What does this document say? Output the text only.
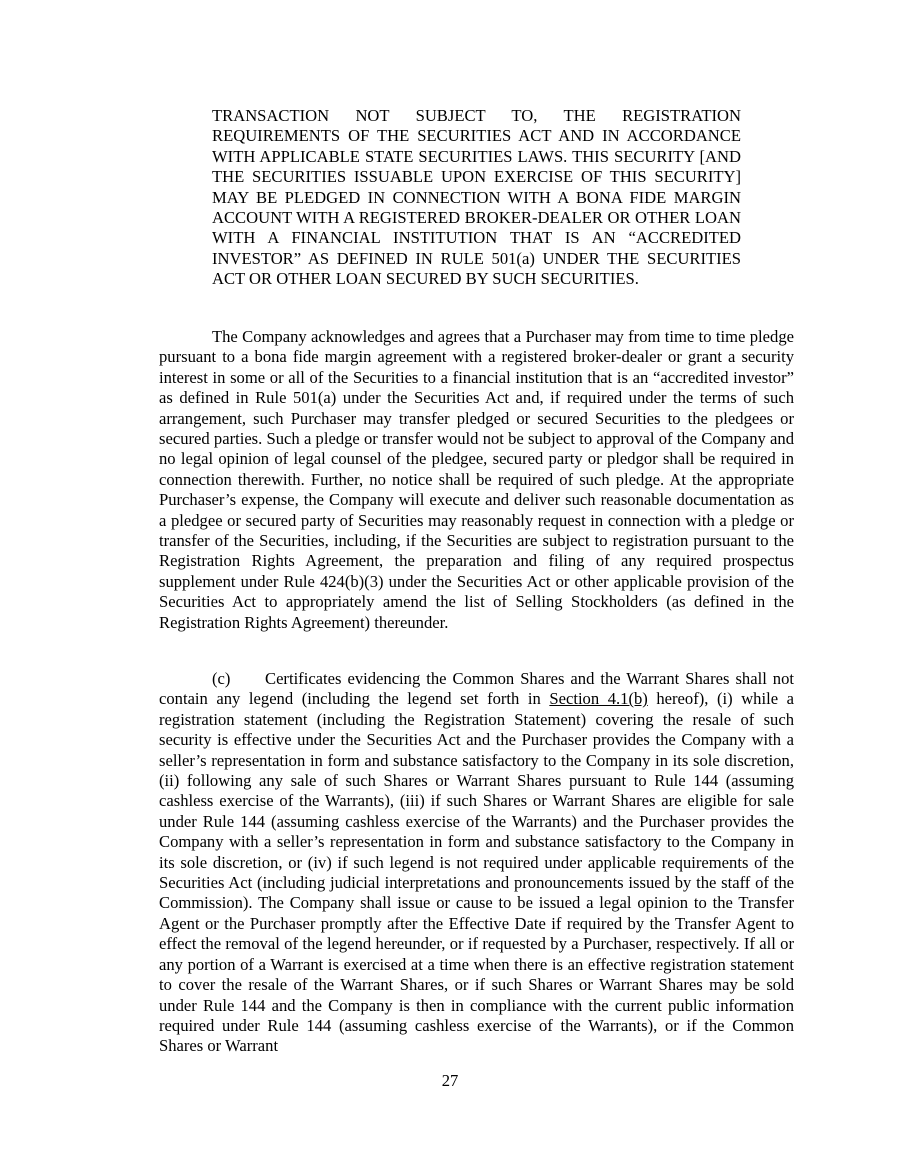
TRANSACTION NOT SUBJECT TO, THE REGISTRATION REQUIREMENTS OF THE SECURITIES ACT AND IN ACCORDANCE WITH APPLICABLE STATE SECURITIES LAWS. THIS SECURITY [AND THE SECURITIES ISSUABLE UPON EXERCISE OF THIS SECURITY] MAY BE PLEDGED IN CONNECTION WITH A BONA FIDE MARGIN ACCOUNT WITH A REGISTERED BROKER-DEALER OR OTHER LOAN WITH A FINANCIAL INSTITUTION THAT IS AN “ACCREDITED INVESTOR” AS DEFINED IN RULE 501(a) UNDER THE SECURITIES ACT OR OTHER LOAN SECURED BY SUCH SECURITIES.
The Company acknowledges and agrees that a Purchaser may from time to time pledge pursuant to a bona fide margin agreement with a registered broker-dealer or grant a security interest in some or all of the Securities to a financial institution that is an “accredited investor” as defined in Rule 501(a) under the Securities Act and, if required under the terms of such arrangement, such Purchaser may transfer pledged or secured Securities to the pledgees or secured parties. Such a pledge or transfer would not be subject to approval of the Company and no legal opinion of legal counsel of the pledgee, secured party or pledgor shall be required in connection therewith. Further, no notice shall be required of such pledge. At the appropriate Purchaser’s expense, the Company will execute and deliver such reasonable documentation as a pledgee or secured party of Securities may reasonably request in connection with a pledge or transfer of the Securities, including, if the Securities are subject to registration pursuant to the Registration Rights Agreement, the preparation and filing of any required prospectus supplement under Rule 424(b)(3) under the Securities Act or other applicable provision of the Securities Act to appropriately amend the list of Selling Stockholders (as defined in the Registration Rights Agreement) thereunder.
(c) Certificates evidencing the Common Shares and the Warrant Shares shall not contain any legend (including the legend set forth in Section 4.1(b) hereof), (i) while a registration statement (including the Registration Statement) covering the resale of such security is effective under the Securities Act and the Purchaser provides the Company with a seller’s representation in form and substance satisfactory to the Company in its sole discretion, (ii) following any sale of such Shares or Warrant Shares pursuant to Rule 144 (assuming cashless exercise of the Warrants), (iii) if such Shares or Warrant Shares are eligible for sale under Rule 144 (assuming cashless exercise of the Warrants) and the Purchaser provides the Company with a seller’s representation in form and substance satisfactory to the Company in its sole discretion, or (iv) if such legend is not required under applicable requirements of the Securities Act (including judicial interpretations and pronouncements issued by the staff of the Commission). The Company shall issue or cause to be issued a legal opinion to the Transfer Agent or the Purchaser promptly after the Effective Date if required by the Transfer Agent to effect the removal of the legend hereunder, or if requested by a Purchaser, respectively. If all or any portion of a Warrant is exercised at a time when there is an effective registration statement to cover the resale of the Warrant Shares, or if such Shares or Warrant Shares may be sold under Rule 144 and the Company is then in compliance with the current public information required under Rule 144 (assuming cashless exercise of the Warrants), or if the Common Shares or Warrant
27
